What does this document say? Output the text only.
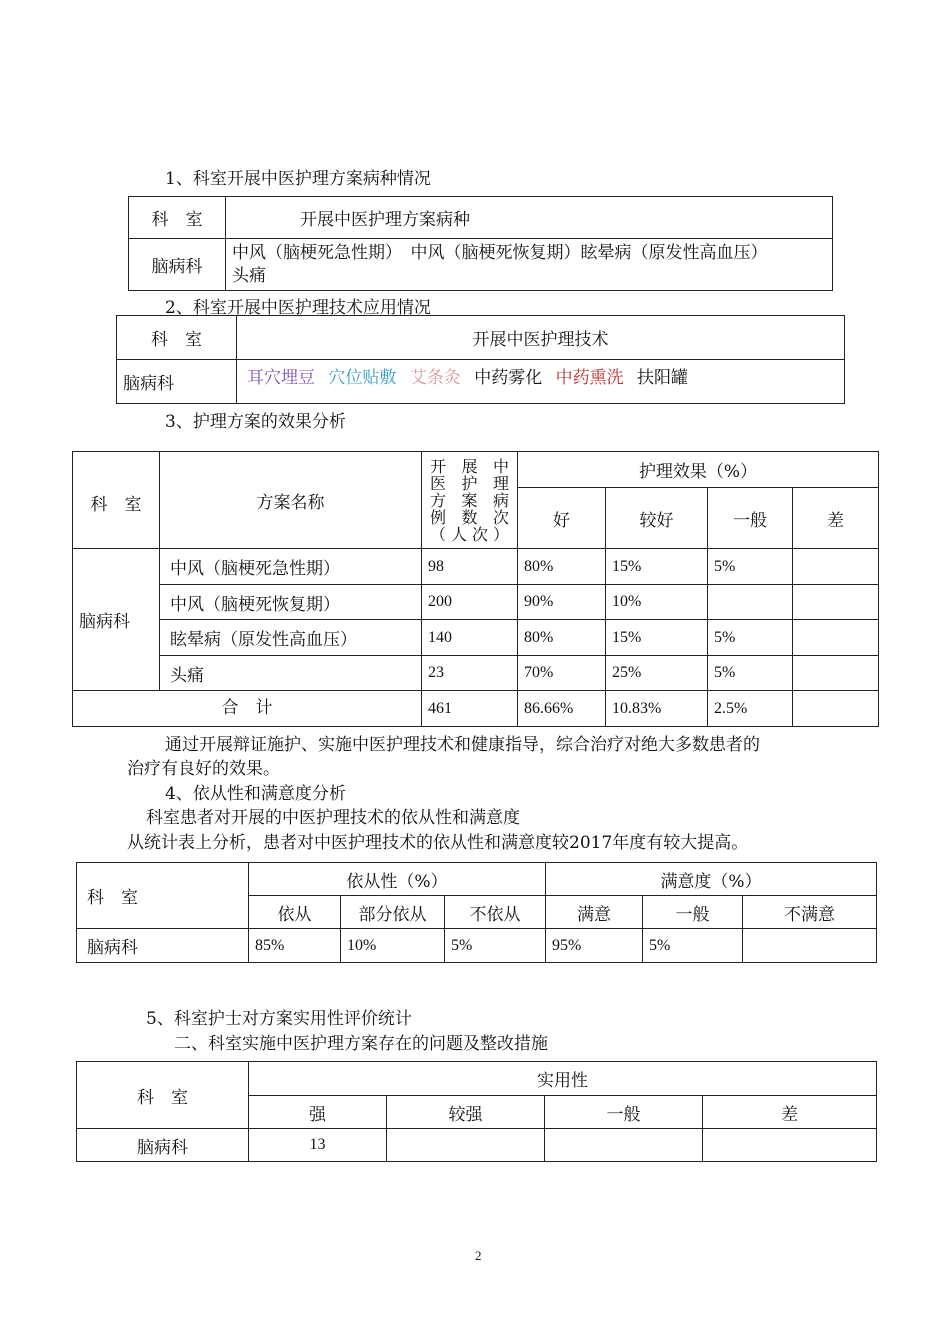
1、科室开展中医护理方案病种情况
科　室	开展中医护理方案病种
脑病科	中风（脑梗死急性期）　中风（脑梗死恢复期）眩晕病（原发性高血压）
头痛
2、科室开展中医护理技术应用情况
科　室	开展中医护理技术
脑病科	耳穴埋豆 穴位贴敷 艾条灸 中药雾化 中药熏洗 扶阳罐
3、护理方案的效果分析
科　室	方案名称	开 展 中
医 护 理
方 案 病
例 数 次
（人次）	护理效果（%）			
			好	较好	一般	差
脑病科	中风（脑梗死急性期）	98	80%	15%	5%	
	中风（脑梗死恢复期）	200	90%	10%		
	眩晕病（原发性高血压）	140	80%	15%	5%	
	头痛	23	70%	25%	5%	
合　计		461	86.66%	10.83%	2.5%	
通过开展辩证施护、实施中医护理技术和健康指导，综合治疗对绝大多数患者的
治疗有良好的效果。
4、依从性和满意度分析
科室患者对开展的中医护理技术的依从性和满意度
从统计表上分析，患者对中医护理技术的依从性和满意度较2017年度有较大提高。
科　室	依从性（%）			满意度（%）		
	依从	部分依从	不依从	满意	一般	不满意
脑病科	85%	10%	5%	95%	5%	
5、科室护士对方案实用性评价统计
二、科室实施中医护理方案存在的问题及整改措施
科　室	实用性			
	强	较强	一般	差
脑病科	13			
2
